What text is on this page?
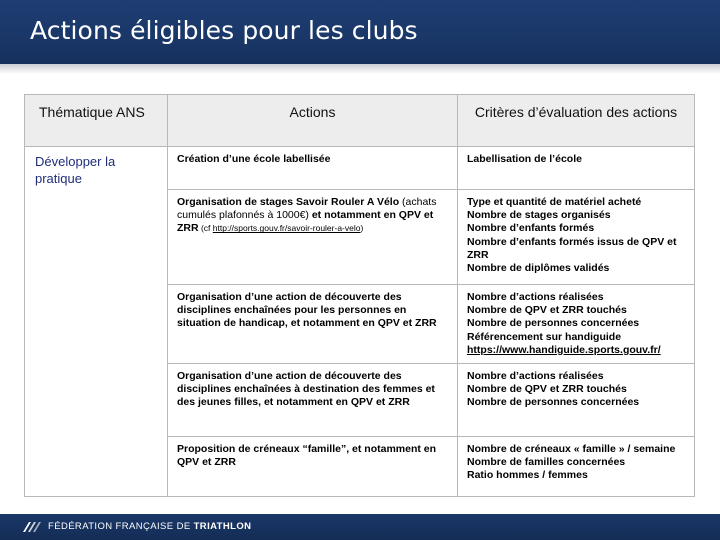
Actions éligibles pour les clubs
Thématique ANS	Actions	Critères d’évaluation des actions

Développer la pratique	Création d’une école labellisée	Labellisation de l’école

	Organisation de stages Savoir Rouler A Vélo (achats cumulés plafonnés à 1000€) et notamment en QPV et ZRR (cf http://sports.gouv.fr/savoir-rouler-a-velo)	Type et quantité de matériel acheté
Nombre de stages organisés
Nombre d’enfants formés
Nombre d’enfants formés issus de QPV et ZRR
Nombre de diplômes validés

	Organisation d’une action de découverte des disciplines enchaînées pour les personnes en situation de handicap, et notamment en QPV et ZRR	Nombre d’actions réalisées
Nombre de QPV et ZRR touchés
Nombre de personnes concernées
Référencement sur handiguide
https://www.handiguide.sports.gouv.fr/

	Organisation d’une action de découverte des disciplines enchaînées à destination des femmes et des jeunes filles, et notamment en QPV et ZRR	Nombre d’actions réalisées
Nombre de QPV et ZRR touchés
Nombre de personnes concernées

	Proposition de créneaux “famille”, et notamment en QPV et ZRR	Nombre de créneaux « famille » / semaine
Nombre de familles concernées
Ratio hommes / femmes
FÉDÉRATION FRANÇAISE DE TRIATHLON
